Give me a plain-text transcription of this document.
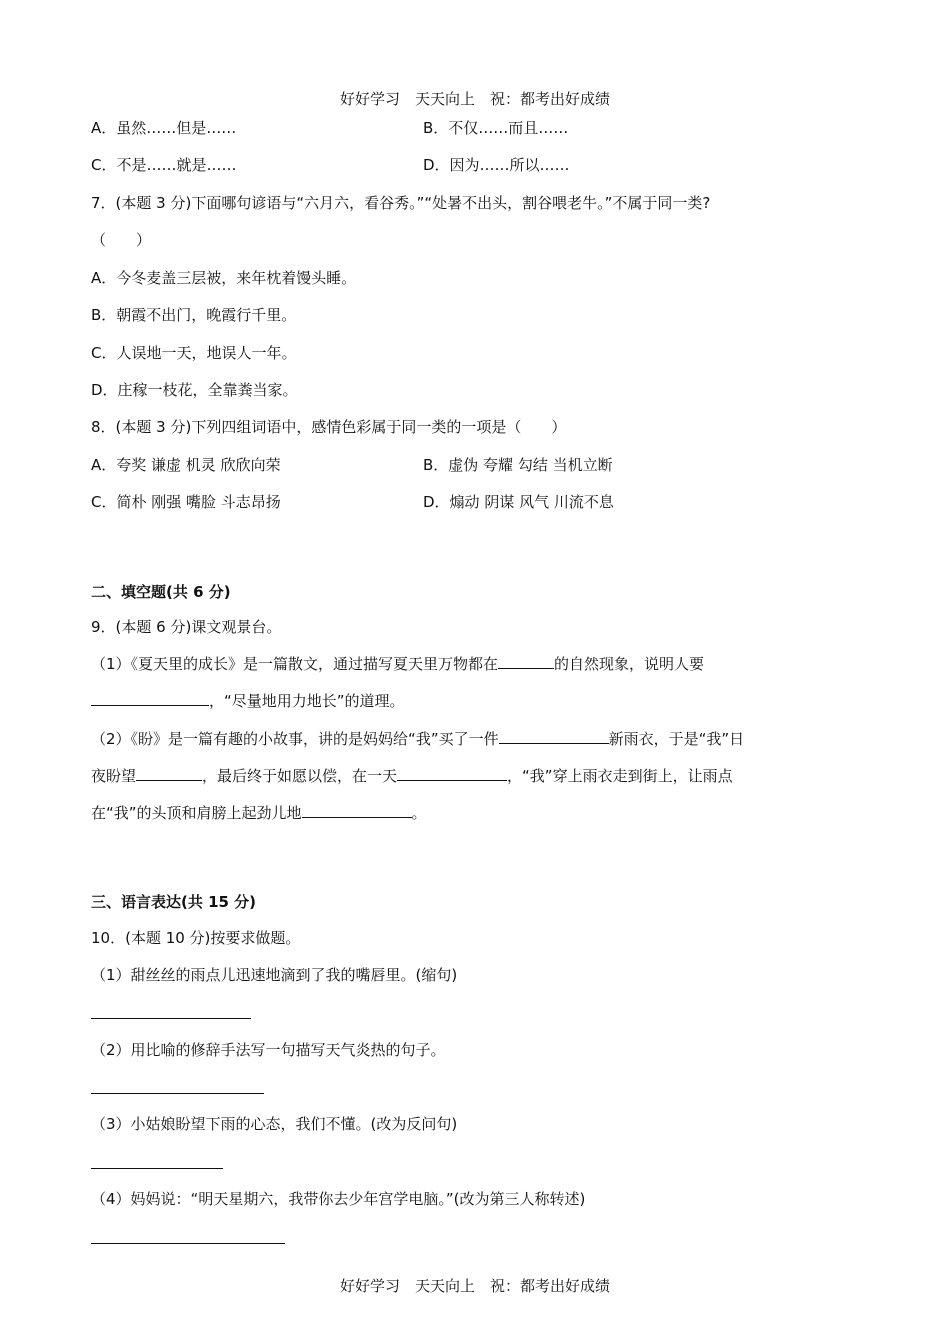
好好学习　天天向上　祝：都考出好成绩
A．虽然……但是……	B．不仅……而且……
C．不是……就是……	D．因为……所以……
7．(本题 3 分)下面哪句谚语与“六月六，看谷秀。”“处暑不出头，割谷喂老牛。”不属于同一类?
（　　）
A．今冬麦盖三层被，来年枕着馒头睡。
B．朝霞不出门，晚霞行千里。
C．人误地一天，地误人一年。
D．庄稼一枝花，全靠粪当家。
8．(本题 3 分)下列四组词语中，感情色彩属于同一类的一项是（　　）
A．夸奖 谦虚 机灵 欣欣向荣	B．虚伪 夸耀 勾结 当机立断
C．简朴 刚强 嘴脸 斗志昂扬	D．煽动 阴谋 风气 川流不息
二、填空题(共 6 分)
9．(本题 6 分)课文观景台。
（1）《夏天里的成长》是一篇散文，通过描写夏天里万物都在	的自然现象，说明人要
，“尽量地用力地长”的道理。
（2）《盼》是一篇有趣的小故事，讲的是妈妈给“我”买了一件	新雨衣，于是“我”日
夜盼望	，最后终于如愿以偿，在一天	，“我”穿上雨衣走到街上，让雨点
在“我”的头顶和肩膀上起劲儿地	。
三、语言表达(共 15 分)
10．(本题 10 分)按要求做题。
（1）甜丝丝的雨点儿迅速地滴到了我的嘴唇里。(缩句)
（2）用比喻的修辞手法写一句描写天气炎热的句子。
（3）小姑娘盼望下雨的心态，我们不懂。(改为反问句)
（4）妈妈说：“明天星期六，我带你去少年宫学电脑。”(改为第三人称转述)
好好学习　天天向上　祝：都考出好成绩
